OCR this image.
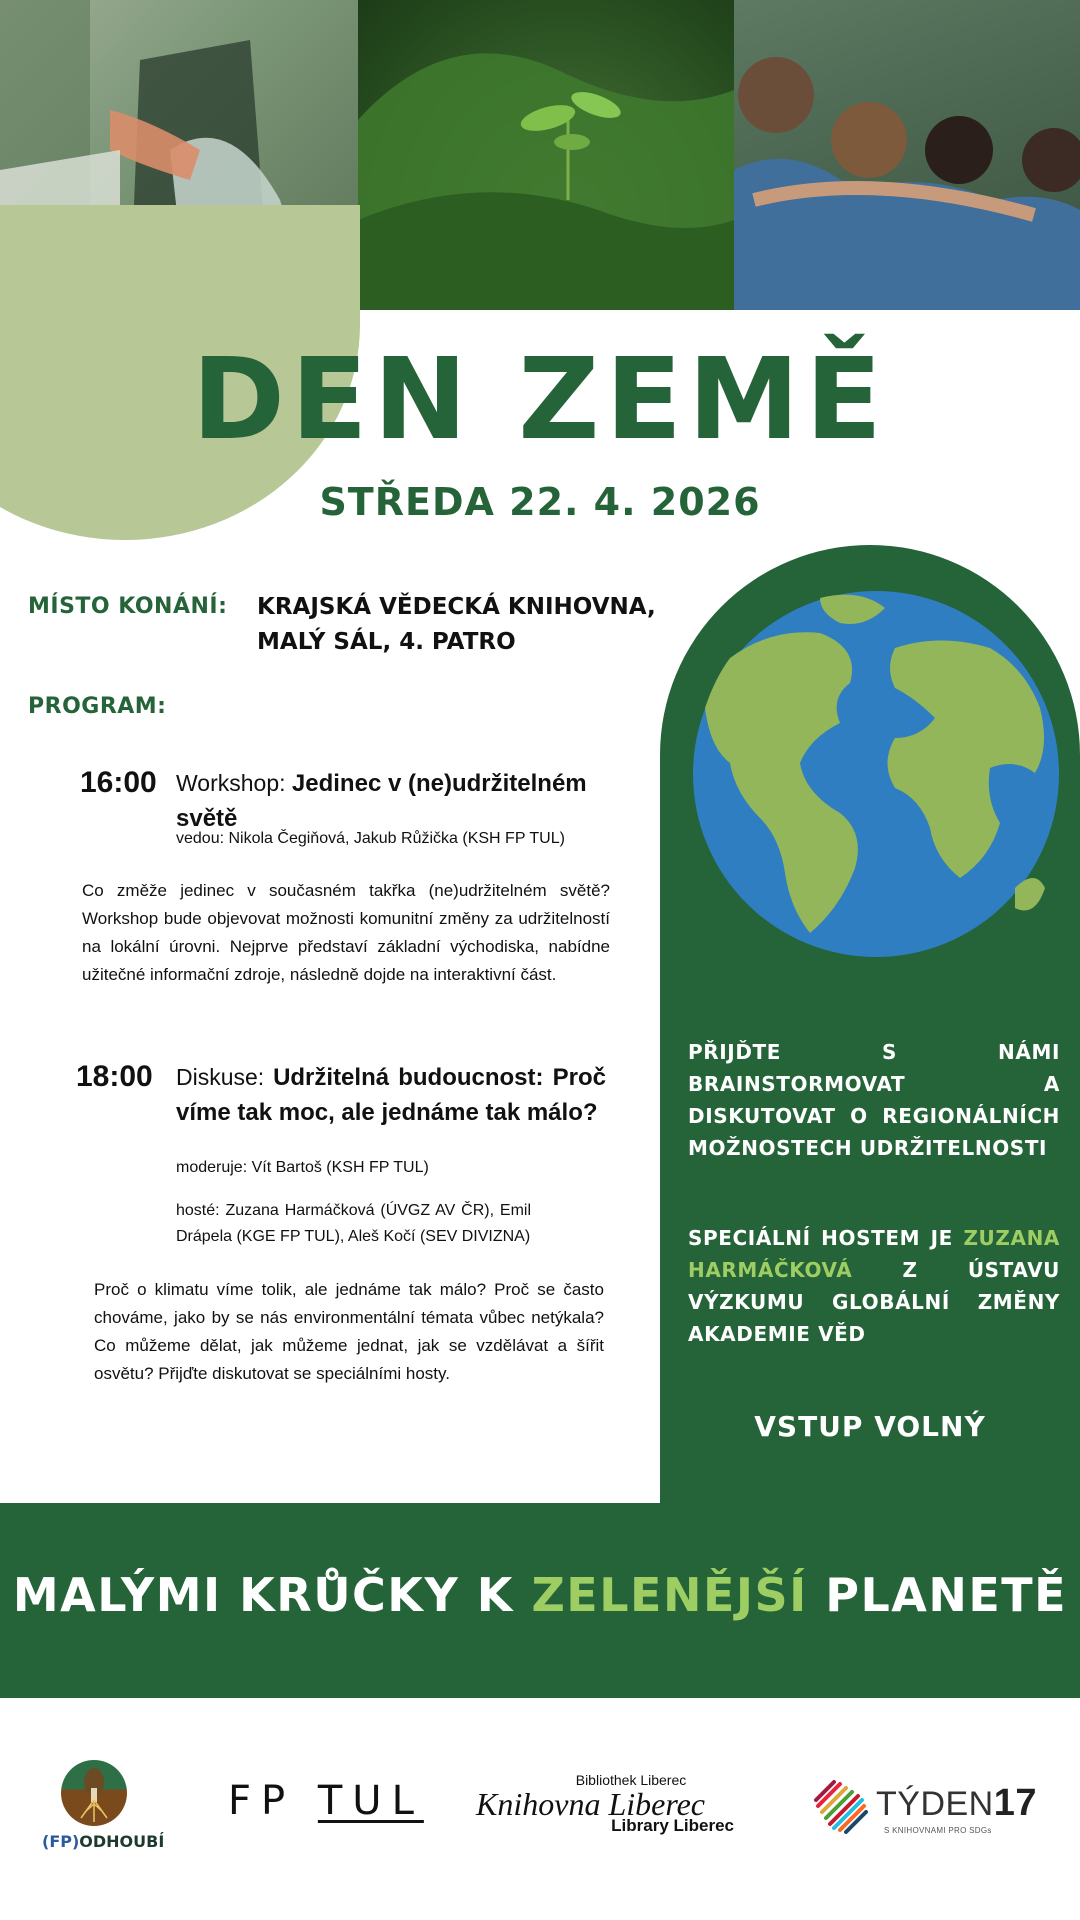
DEN ZEMĚ
STŘEDA 22. 4. 2026
MÍSTO KONÁNÍ: KRAJSKÁ VĚDECKÁ KNIHOVNA,
MALÝ SÁL, 4. PATRO
PROGRAM:
16:00 Workshop: Jedinec v (ne)udržitelném světě
vedou: Nikola Čegiňová, Jakub Růžička (KSH FP TUL)
Co změže jedinec v současném takřka (ne)udržitelném světě? Workshop bude objevovat možnosti komunitní změny za udržitelností na lokální úrovni. Nejprve představí základní východiska, nabídne užitečné informační zdroje, následně dojde na interaktivní část.
18:00 Diskuse: Udržitelná budoucnost: Proč víme tak moc, ale jednáme tak málo?
moderuje: Vít Bartoš (KSH FP TUL)
hosté: Zuzana Harmáčková (ÚVGZ AV ČR), Emil Drápela (KGE FP TUL), Aleš Kočí (SEV DIVIZNA)
Proč o klimatu víme tolik, ale jednáme tak málo? Proč se často chováme, jako by se nás environmentální témata vůbec netýkala? Co můžeme dělat, jak můžeme jednat, jak se vzdělávat a šířit osvětu? Přijďte diskutovat se speciálními hosty.
PŘIJĎTE S NÁMI BRAINSTORMOVAT A DISKUTOVAT O REGIONÁLNÍCH MOŽNOSTECH UDRŽITELNOSTI
SPECIÁLNÍ HOSTEM JE ZUZANA HARMÁČKOVÁ	Z ÚSTAVU VÝZKUMU GLOBÁLNÍ ZMĚNY AKADEMIE VĚD
VSTUP VOLNÝ
MALÝMI KRŮČKY K ZELENĚJŠÍ PLANETĚ
(FP)ODHOUBÍ
FP TUL	Bibliothek Liberec
Knihovna Liberec
Library Liberec
TÝDEN17
S KNIHOVNAMI PRO SDGs
